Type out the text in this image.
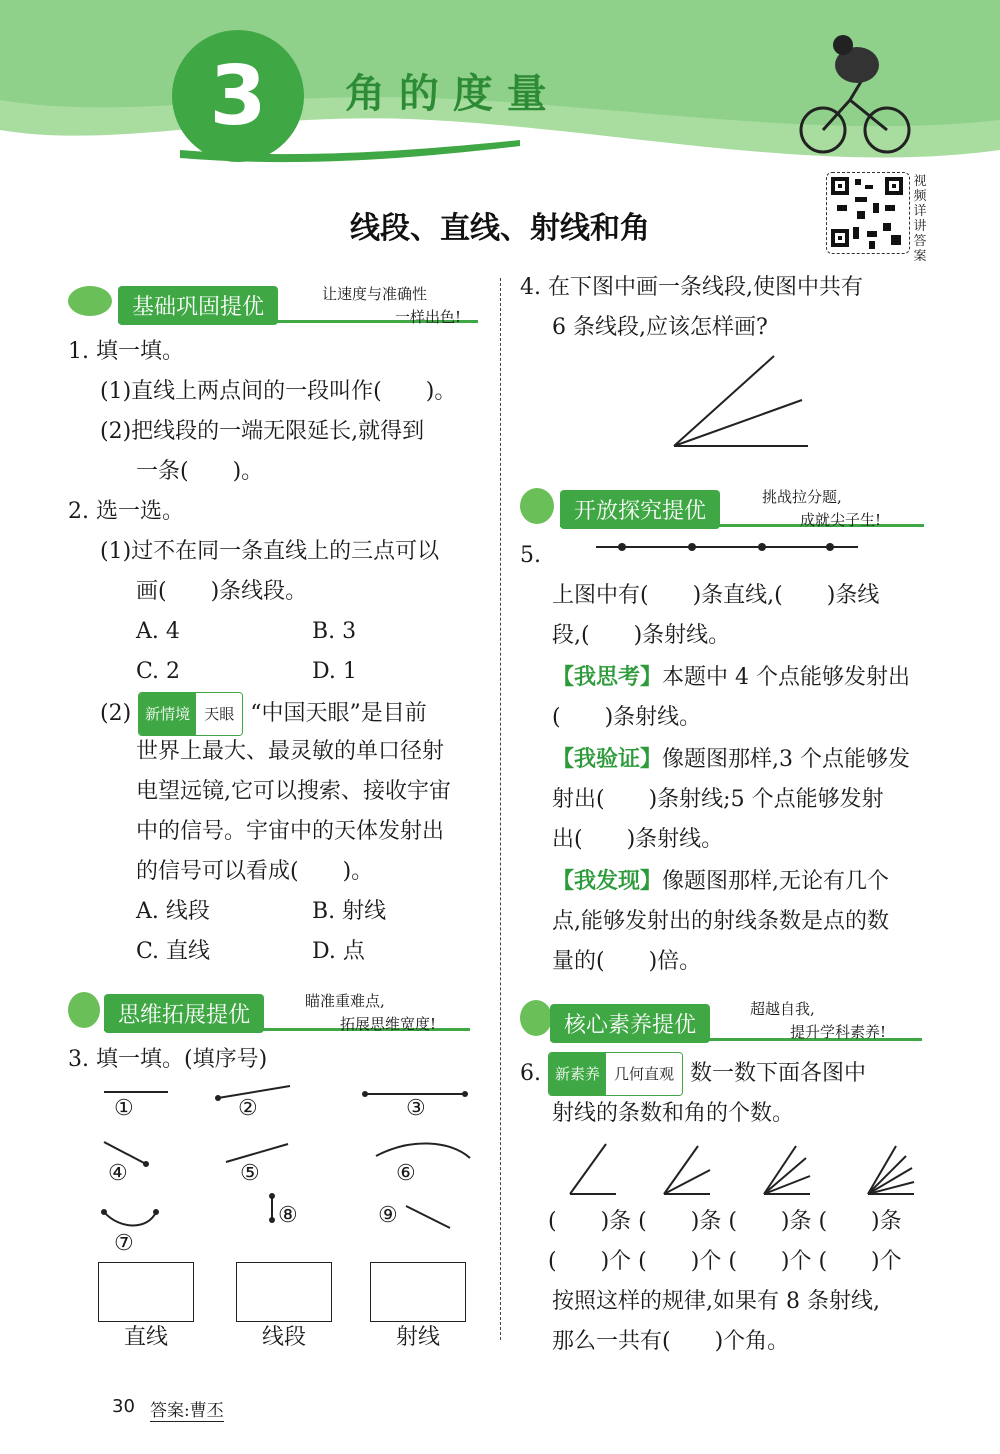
3	角 的 度 量
视频详讲答案
线段、直线、射线和角
基础巩固提优
让速度与准确性
一样出色!
1. 填一填。
(1)直线上两点间的一段叫作(　　)。
(2)把线段的一端无限延长,就得到
一条(　　)。
2. 选一选。
(1)过不在同一条直线上的三点可以
画(　　)条线段。
A. 4	B. 3
C. 2	D. 1
(2) 新情境 天眼 “中国天眼”是目前
世界上最大、最灵敏的单口径射
电望远镜,它可以搜索、接收宇宙
中的信号。宇宙中的天体发射出
的信号可以看成(　　)。
A. 线段	B. 射线
C. 直线	D. 点
思维拓展提优
瞄准重难点,
拓展思维宽度!
3. 填一填。(填序号)
①	②	③
④	⑤	⑥
⑦
⑧	⑨
直线	线段	射线
4. 在下图中画一条线段,使图中共有
6 条线段,应该怎样画?
开放探究提优
挑战拉分题,
成就尖子生!
5.
上图中有(　　)条直线,(　　)条线
段,(　　)条射线。
【我思考】本题中 4 个点能够发射出
(　　)条射线。
【我验证】像题图那样,3 个点能够发
射出(　　)条射线;5 个点能够发射
出(　　)条射线。
【我发现】像题图那样,无论有几个
点,能够发射出的射线条数是点的数
量的(　　)倍。
核心素养提优
超越自我,
提升学科素养!
6. 新素养 几何直观 数一数下面各图中
射线的条数和角的个数。
(　　)条 (　　)条 (　　)条 (　　)条
(　　)个 (　　)个 (　　)个 (　　)个
按照这样的规律,如果有 8 条射线,
那么一共有(　　)个角。
30 答案:曹丕
